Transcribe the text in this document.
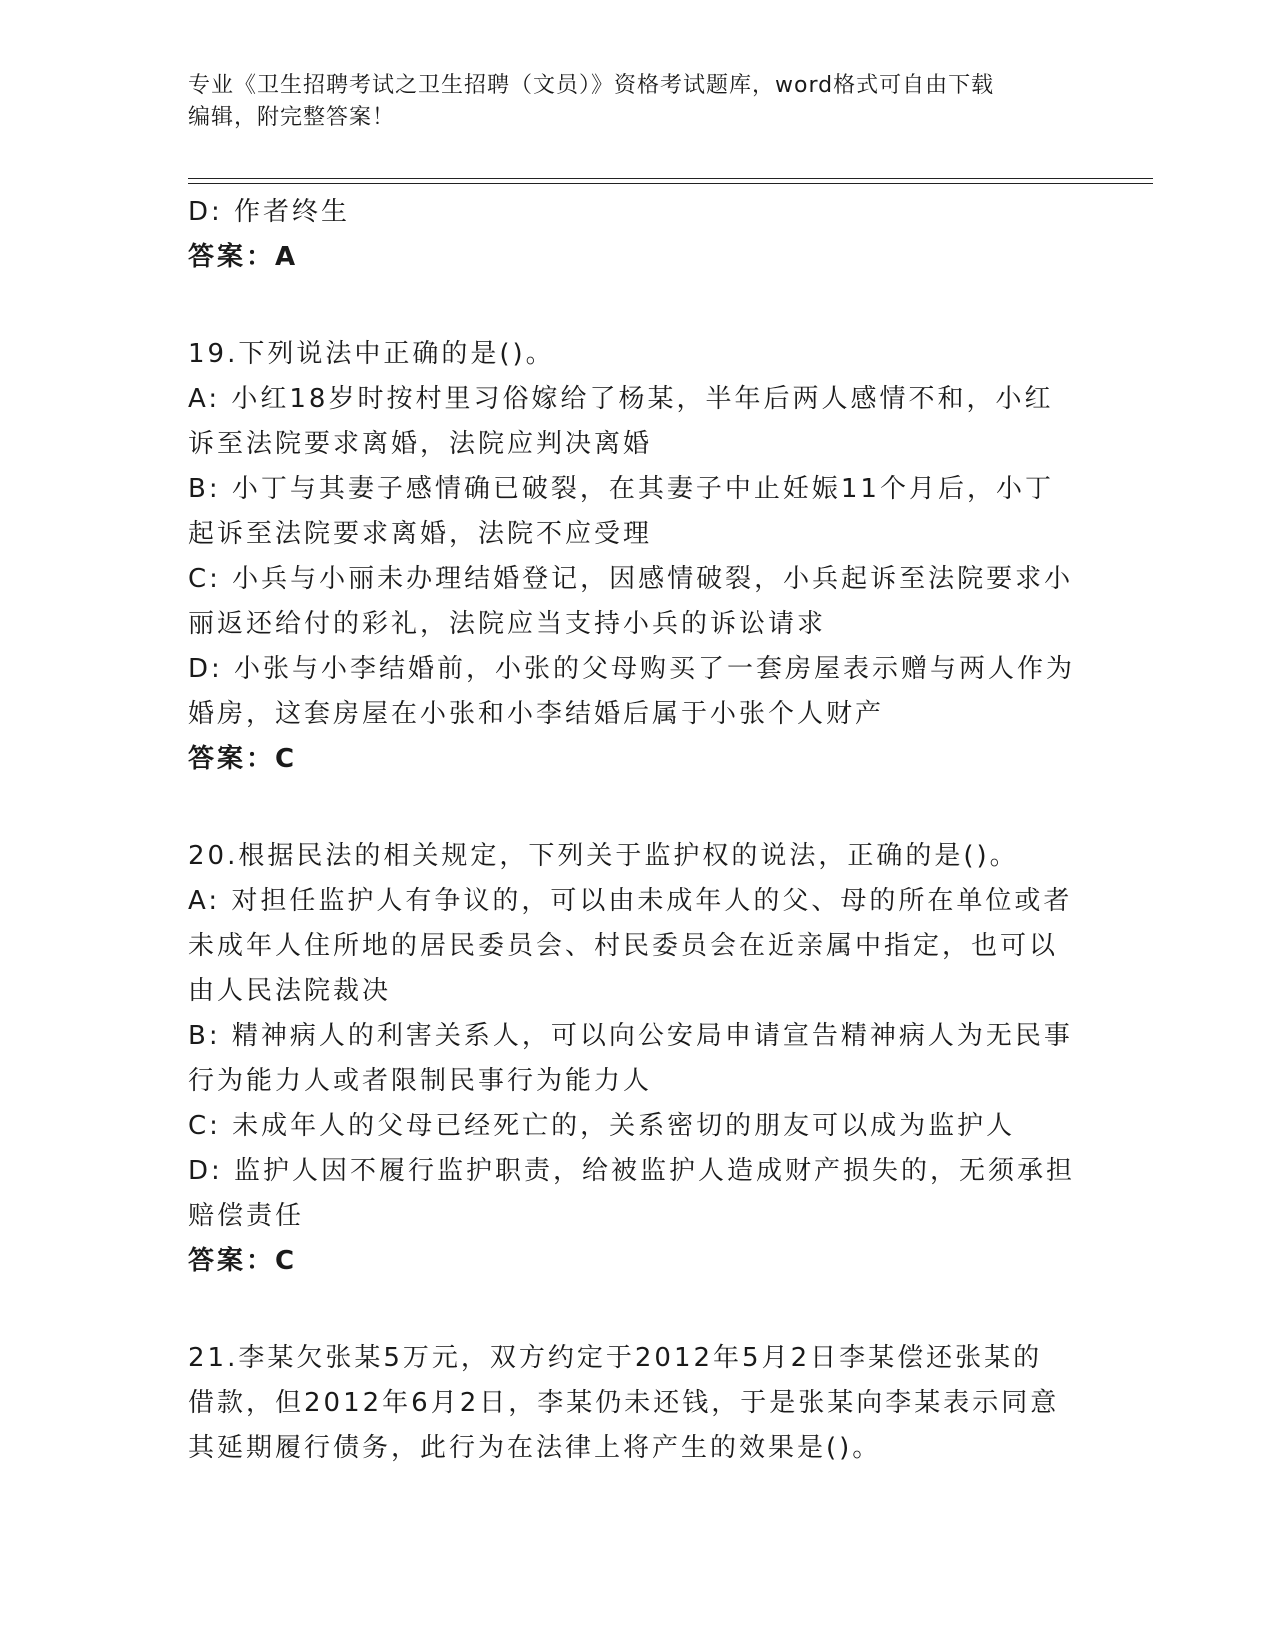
专业《卫生招聘考试之卫生招聘（文员）》资格考试题库，word格式可自由下载
编辑，附完整答案！
D: 作者终生
答案：A
19.下列说法中正确的是()。
A: 小红18岁时按村里习俗嫁给了杨某，半年后两人感情不和，小红
诉至法院要求离婚，法院应判决离婚
B: 小丁与其妻子感情确已破裂，在其妻子中止妊娠11个月后，小丁
起诉至法院要求离婚，法院不应受理
C: 小兵与小丽未办理结婚登记，因感情破裂，小兵起诉至法院要求小
丽返还给付的彩礼，法院应当支持小兵的诉讼请求
D: 小张与小李结婚前，小张的父母购买了一套房屋表示赠与两人作为
婚房，这套房屋在小张和小李结婚后属于小张个人财产
答案：C
20.根据民法的相关规定，下列关于监护权的说法，正确的是()。
A: 对担任监护人有争议的，可以由未成年人的父、母的所在单位或者
未成年人住所地的居民委员会、村民委员会在近亲属中指定，也可以
由人民法院裁决
B: 精神病人的利害关系人，可以向公安局申请宣告精神病人为无民事
行为能力人或者限制民事行为能力人
C: 未成年人的父母已经死亡的，关系密切的朋友可以成为监护人
D: 监护人因不履行监护职责，给被监护人造成财产损失的，无须承担
赔偿责任
答案：C
21.李某欠张某5万元，双方约定于2012年5月2日李某偿还张某的
借款，但2012年6月2日，李某仍未还钱，于是张某向李某表示同意
其延期履行债务，此行为在法律上将产生的效果是()。
